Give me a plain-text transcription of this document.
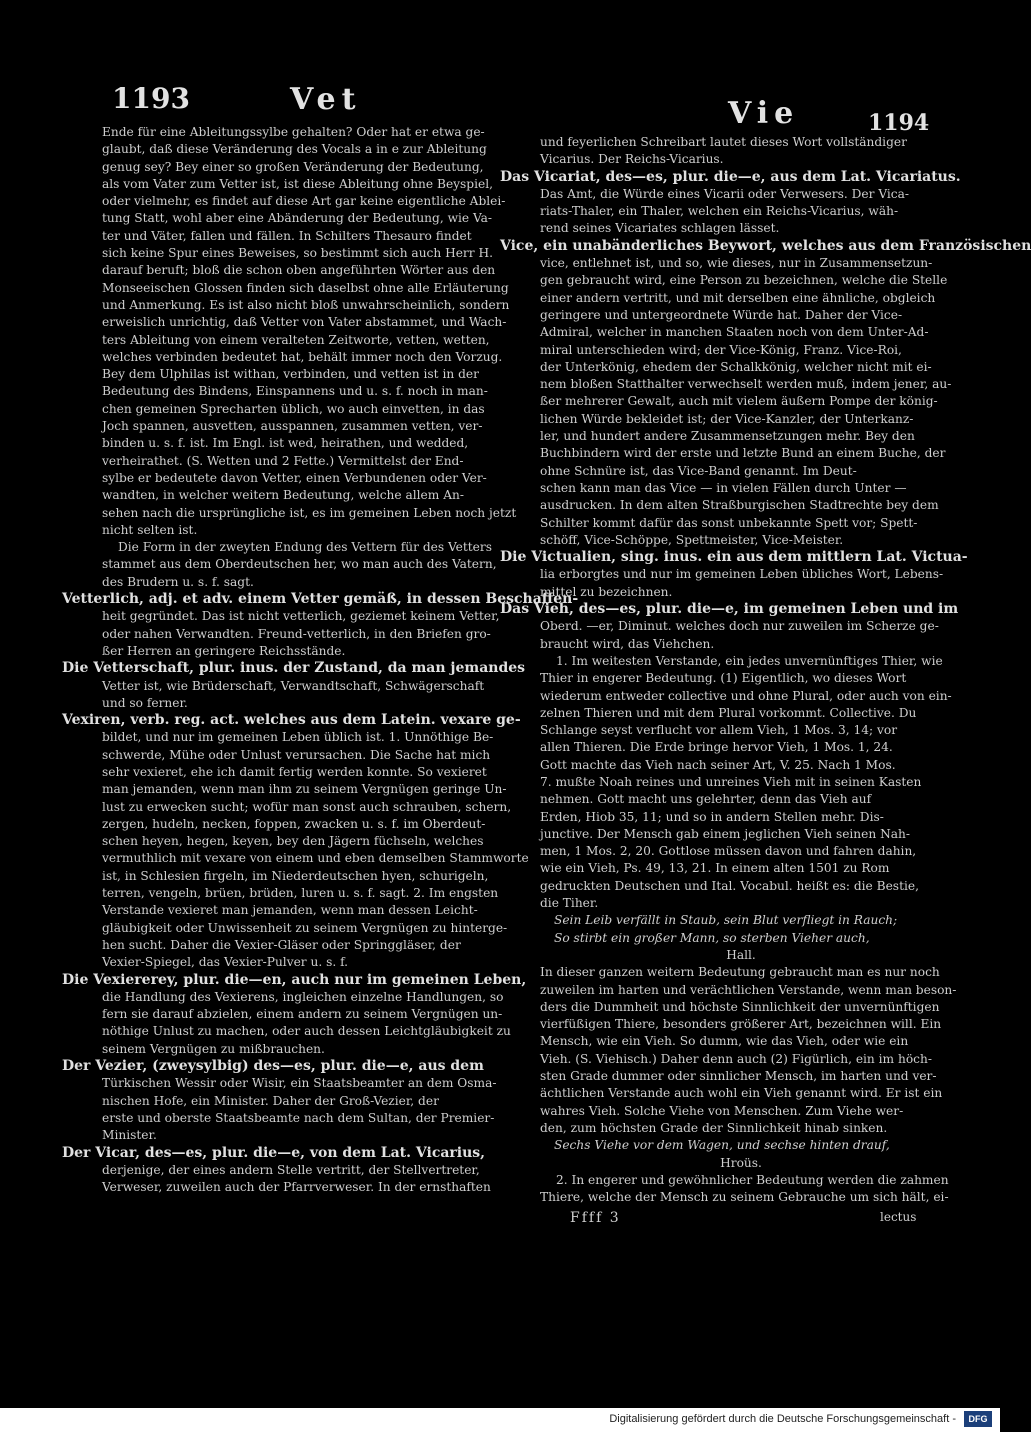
1193	Vet	Vie	1194
Ende für eine Ableitungssylbe gehalten? Oder hat er etwa ge-
glaubt, daß diese Veränderung des Vocals a in e zur Ableitung
genug sey? Bey einer so großen Veränderung der Bedeutung,
als vom Vater zum Vetter ist, ist diese Ableitung ohne Beyspiel,
oder vielmehr, es findet auf diese Art gar keine eigentliche Ablei-
tung Statt, wohl aber eine Abänderung der Bedeutung, wie Va-
ter und Väter, fallen und fällen. In Schilters Thesauro findet
sich keine Spur eines Beweises, so bestimmt sich auch Herr H.
darauf beruft; bloß die schon oben angeführten Wörter aus den
Monseeischen Glossen finden sich daselbst ohne alle Erläuterung
und Anmerkung. Es ist also nicht bloß unwahrscheinlich, sondern
erweislich unrichtig, daß Vetter von Vater abstammet, und Wach-
ters Ableitung von einem veralteten Zeitworte, vetten, wetten,
welches verbinden bedeutet hat, behält immer noch den Vorzug.
Bey dem Ulphilas ist withan, verbinden, und vetten ist in der
Bedeutung des Bindens, Einspannens und u. s. f. noch in man-
chen gemeinen Sprecharten üblich, wo auch einvetten, in das
Joch spannen, ausvetten, ausspannen, zusammen vetten, ver-
binden u. s. f. ist. Im Engl. ist wed, heirathen, und wedded,
verheirathet. (S. Wetten und 2 Fette.) Vermittelst der End-
sylbe er bedeutete davon Vetter, einen Verbundenen oder Ver-
wandten, in welcher weitern Bedeutung, welche allem An-
sehen nach die ursprüngliche ist, es im gemeinen Leben noch jetzt
nicht selten ist.
Die Form in der zweyten Endung des Vettern für des Vetters
stammet aus dem Oberdeutschen her, wo man auch des Vatern,
des Brudern u. s. f. sagt.
Vetterlich, adj. et adv. einem Vetter gemäß, in dessen Beschaffen-
heit gegründet. Das ist nicht vetterlich, geziemet keinem Vetter,
oder nahen Verwandten. Freund-vetterlich, in den Briefen gro-
ßer Herren an geringere Reichsstände.
Die Vetterschaft, plur. inus. der Zustand, da man jemandes
Vetter ist, wie Brüderschaft, Verwandtschaft, Schwägerschaft
und so ferner.
Vexiren, verb. reg. act. welches aus dem Latein. vexare ge-
bildet, und nur im gemeinen Leben üblich ist. 1. Unnöthige Be-
schwerde, Mühe oder Unlust verursachen. Die Sache hat mich
sehr vexieret, ehe ich damit fertig werden konnte. So vexieret
man jemanden, wenn man ihm zu seinem Vergnügen geringe Un-
lust zu erwecken sucht; wofür man sonst auch schrauben, schern,
zergen, hudeln, necken, foppen, zwacken u. s. f. im Oberdeut-
schen heyen, hegen, keyen, bey den Jägern füchseln, welches
vermuthlich mit vexare von einem und eben demselben Stammworte
ist, in Schlesien firgeln, im Niederdeutschen hyen, schurigeln,
terren, vengeln, brüen, brüden, luren u. s. f. sagt. 2. Im engsten
Verstande vexieret man jemanden, wenn man dessen Leicht-
gläubigkeit oder Unwissenheit zu seinem Vergnügen zu hinterge-
hen sucht. Daher die Vexier-Gläser oder Springgläser, der
Vexier-Spiegel, das Vexier-Pulver u. s. f.
Die Vexiererey, plur. die—en, auch nur im gemeinen Leben,
die Handlung des Vexierens, ingleichen einzelne Handlungen, so
fern sie darauf abzielen, einem andern zu seinem Vergnügen un-
nöthige Unlust zu machen, oder auch dessen Leichtgläubigkeit zu
seinem Vergnügen zu mißbrauchen.
Der Vezier, (zweysylbig) des—es, plur. die—e, aus dem
Türkischen Wessir oder Wisir, ein Staatsbeamter an dem Osma-
nischen Hofe, ein Minister. Daher der Groß-Vezier, der
erste und oberste Staatsbeamte nach dem Sultan, der Premier-
Minister.
Der Vicar, des—es, plur. die—e, von dem Lat. Vicarius,
derjenige, der eines andern Stelle vertritt, der Stellvertreter,
Verweser, zuweilen auch der Pfarrverweser. In der ernsthaften
und feyerlichen Schreibart lautet dieses Wort vollständiger
Vicarius. Der Reichs-Vicarius.
Das Vicariat, des—es, plur. die—e, aus dem Lat. Vicariatus.
Das Amt, die Würde eines Vicarii oder Verwesers. Der Vica-
riats-Thaler, ein Thaler, welchen ein Reichs-Vicarius, wäh-
rend seines Vicariates schlagen lässet.
Vice, ein unabänderliches Beywort, welches aus dem Französischen
vice, entlehnet ist, und so, wie dieses, nur in Zusammensetzun-
gen gebraucht wird, eine Person zu bezeichnen, welche die Stelle
einer andern vertritt, und mit derselben eine ähnliche, obgleich
geringere und untergeordnete Würde hat. Daher der Vice-
Admiral, welcher in manchen Staaten noch von dem Unter-Ad-
miral unterschieden wird; der Vice-König, Franz. Vice-Roi,
der Unterkönig, ehedem der Schalkkönig, welcher nicht mit ei-
nem bloßen Statthalter verwechselt werden muß, indem jener, au-
ßer mehrerer Gewalt, auch mit vielem äußern Pompe der könig-
lichen Würde bekleidet ist; der Vice-Kanzler, der Unterkanz-
ler, und hundert andere Zusammensetzungen mehr. Bey den
Buchbindern wird der erste und letzte Bund an einem Buche, der
ohne Schnüre ist, das Vice-Band genannt. Im Deut-
schen kann man das Vice — in vielen Fällen durch Unter —
ausdrucken. In dem alten Straßburgischen Stadtrechte bey dem
Schilter kommt dafür das sonst unbekannte Spett vor; Spett-
schöff, Vice-Schöppe, Spettmeister, Vice-Meister.
Die Victualien, sing. inus. ein aus dem mittlern Lat. Victua-
lia erborgtes und nur im gemeinen Leben übliches Wort, Lebens-
mittel zu bezeichnen.
Das Vieh, des—es, plur. die—e, im gemeinen Leben und im
Oberd. —er, Diminut. welches doch nur zuweilen im Scherze ge-
braucht wird, das Viehchen.
1. Im weitesten Verstande, ein jedes unvernünftiges Thier, wie
Thier in engerer Bedeutung. (1) Eigentlich, wo dieses Wort
wiederum entweder collective und ohne Plural, oder auch von ein-
zelnen Thieren und mit dem Plural vorkommt. Collective. Du
Schlange seyst verflucht vor allem Vieh, 1 Mos. 3, 14; vor
allen Thieren. Die Erde bringe hervor Vieh, 1 Mos. 1, 24.
Gott machte das Vieh nach seiner Art, V. 25. Nach 1 Mos.
7. mußte Noah reines und unreines Vieh mit in seinen Kasten
nehmen. Gott macht uns gelehrter, denn das Vieh auf
Erden, Hiob 35, 11; und so in andern Stellen mehr. Dis-
junctive. Der Mensch gab einem jeglichen Vieh seinen Nah-
men, 1 Mos. 2, 20. Gottlose müssen davon und fahren dahin,
wie ein Vieh, Ps. 49, 13, 21. In einem alten 1501 zu Rom
gedruckten Deutschen und Ital. Vocabul. heißt es: die Bestie,
die Tiher.
Sein Leib verfällt in Staub, sein Blut verfliegt in Rauch;
So stirbt ein großer Mann, so sterben Vieher auch,
Hall.
In dieser ganzen weitern Bedeutung gebraucht man es nur noch
zuweilen im harten und verächtlichen Verstande, wenn man beson-
ders die Dummheit und höchste Sinnlichkeit der unvernünftigen
vierfüßigen Thiere, besonders größerer Art, bezeichnen will. Ein
Mensch, wie ein Vieh. So dumm, wie das Vieh, oder wie ein
Vieh. (S. Viehisch.) Daher denn auch (2) Figürlich, ein im höch-
sten Grade dummer oder sinnlicher Mensch, im harten und ver-
ächtlichen Verstande auch wohl ein Vieh genannt wird. Er ist ein
wahres Vieh. Solche Viehe von Menschen. Zum Viehe wer-
den, zum höchsten Grade der Sinnlichkeit hinab sinken.
Sechs Viehe vor dem Wagen, und sechse hinten drauf,
Hroüs.
2. In engerer und gewöhnlicher Bedeutung werden die zahmen
Thiere, welche der Mensch zu seinem Gebrauche um sich hält, ei-
Ffff 3	lectus
Digitalisierung gefördert durch die Deutsche Forschungsgemeinschaft -	DFG
